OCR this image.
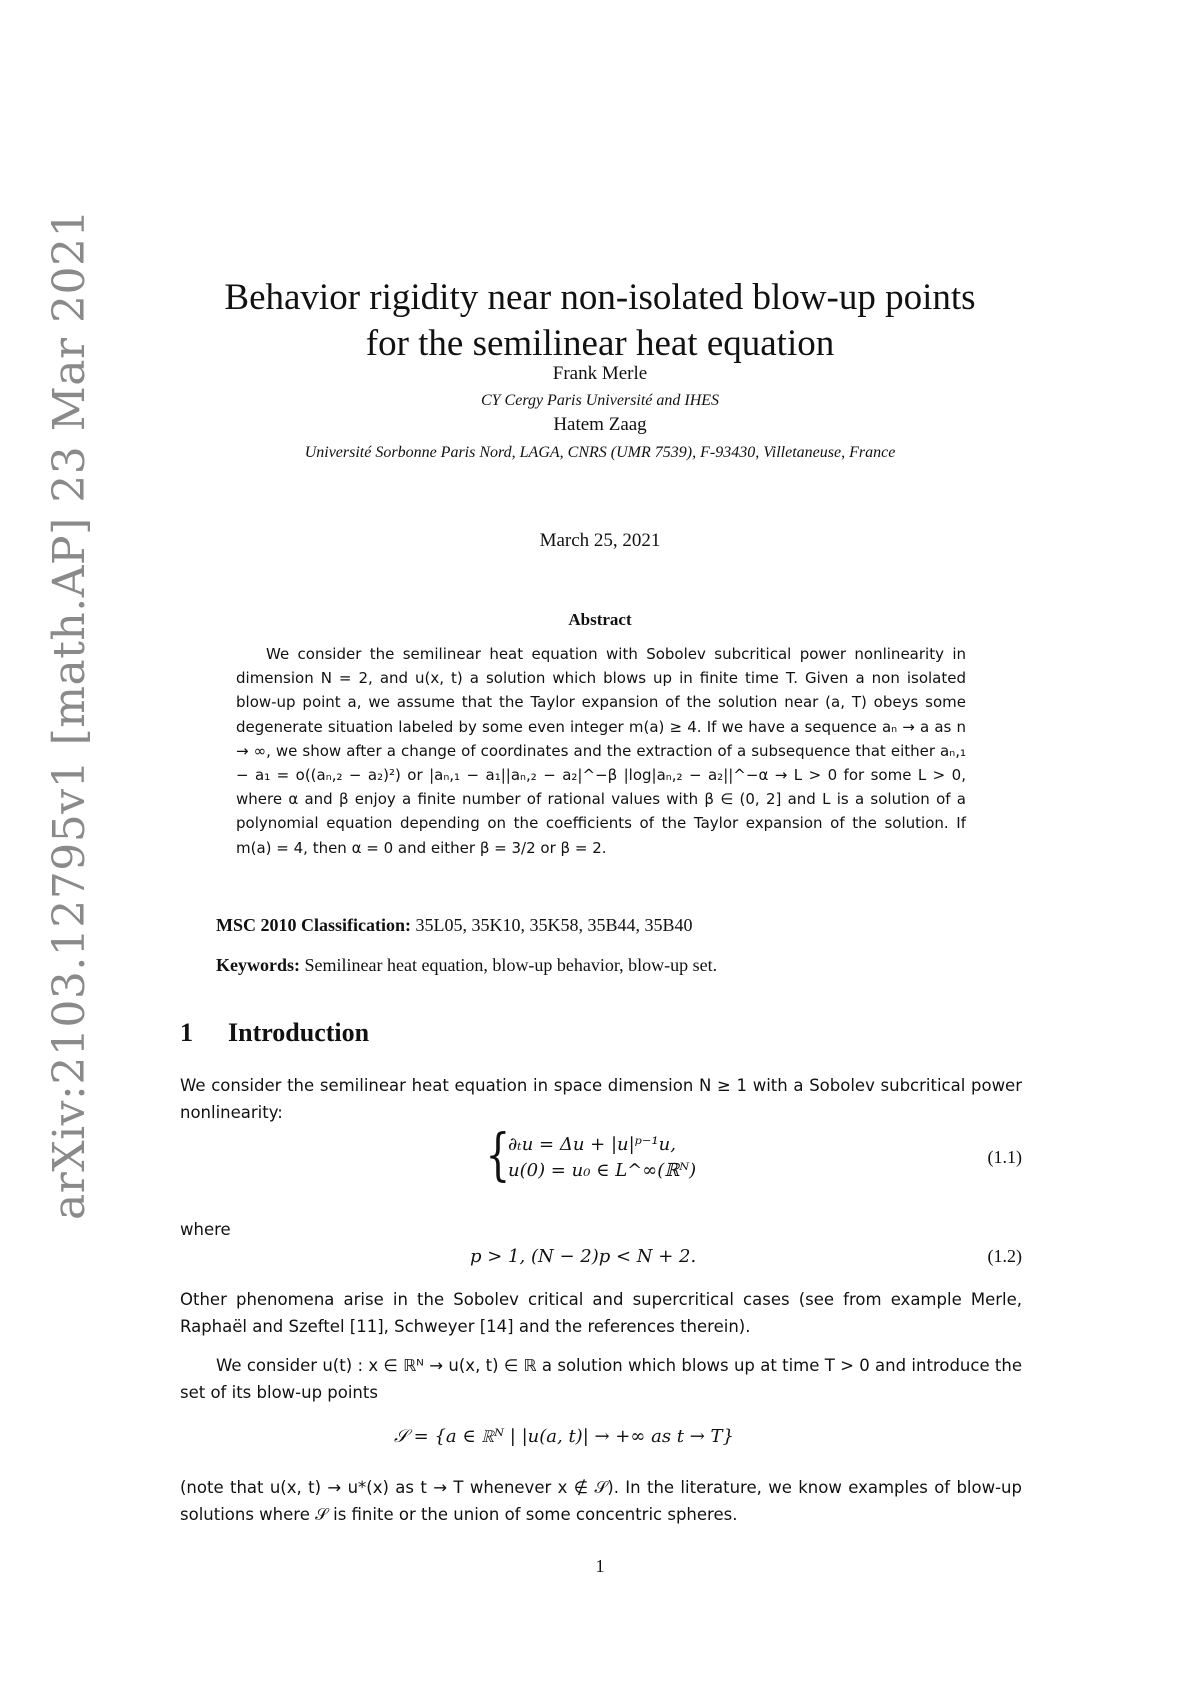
arXiv:2103.12795v1 [math.AP] 23 Mar 2021	Behavior rigidity near non-isolated blow-up points
for the semilinear heat equation
Frank Merle
CY Cergy Paris Université and IHES
Hatem Zaag
Université Sorbonne Paris Nord, LAGA, CNRS (UMR 7539), F-93430, Villetaneuse, France
March 25, 2021
Abstract
We consider the semilinear heat equation with Sobolev subcritical power nonlinearity in dimension N = 2, and u(x, t) a solution which blows up in finite time T. Given a non isolated blow-up point a, we assume that the Taylor expansion of the solution near (a, T) obeys some degenerate situation labeled by some even integer m(a) ≥ 4. If we have a sequence aₙ → a as n → ∞, we show after a change of coordinates and the extraction of a subsequence that either aₙ,₁ − a₁ = o((aₙ,₂ − a₂)²) or |aₙ,₁ − a₁||aₙ,₂ − a₂|^−β |log|aₙ,₂ − a₂||^−α → L > 0 for some L > 0, where α and β enjoy a finite number of rational values with β ∈ (0, 2] and L is a solution of a polynomial equation depending on the coefficients of the Taylor expansion of the solution. If m(a) = 4, then α = 0 and either β = 3/2 or β = 2.
MSC 2010 Classification: 35L05, 35K10, 35K58, 35B44, 35B40
Keywords: Semilinear heat equation, blow-up behavior, blow-up set.
1 Introduction
We consider the semilinear heat equation in space dimension N ≥ 1 with a Sobolev subcritical power nonlinearity:
{
∂ₜu = Δu + |u|ᵖ⁻¹u,
u(0) = u₀ ∈ L^∞(ℝᴺ)
(1.1)
where
p > 1, (N − 2)p < N + 2.	(1.2)
Other phenomena arise in the Sobolev critical and supercritical cases (see from example Merle, Raphaël and Szeftel [11], Schweyer [14] and the references therein).
We consider u(t) : x ∈ ℝᴺ → u(x, t) ∈ ℝ a solution which blows up at time T > 0 and introduce the set of its blow-up points
𝒮 = {a ∈ ℝᴺ | |u(a, t)| → +∞ as t → T}
(note that u(x, t) → u*(x) as t → T whenever x ∉ 𝒮). In the literature, we know examples of blow-up solutions where 𝒮 is finite or the union of some concentric spheres.
1
